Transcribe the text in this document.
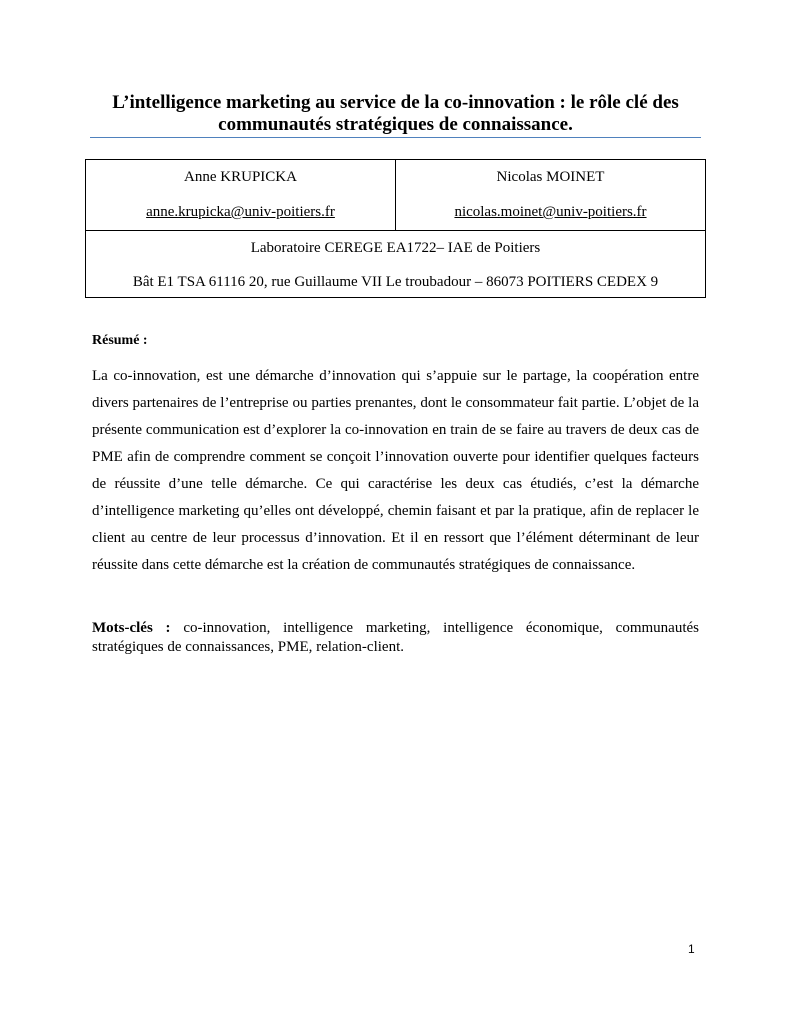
L’intelligence marketing au service de la co-innovation : le rôle clé des communautés stratégiques de connaissance.
Anne KRUPICKA
anne.krupicka@univ-poitiers.fr
Nicolas MOINET
nicolas.moinet@univ-poitiers.fr
Laboratoire CEREGE EA1722– IAE de Poitiers
Bât E1 TSA 61116 20, rue Guillaume VII Le troubadour – 86073 POITIERS CEDEX 9
Résumé :
La co-innovation, est une démarche d’innovation qui s’appuie sur le partage, la coopération entre divers partenaires de l’entreprise ou parties prenantes, dont le consommateur fait partie. L’objet de la présente communication est d’explorer la co-innovation en train de se faire au travers de deux cas de PME afin de comprendre comment se conçoit l’innovation ouverte pour identifier quelques facteurs de réussite d’une telle démarche. Ce qui caractérise les deux cas étudiés, c’est la démarche d’intelligence marketing qu’elles ont développé, chemin faisant et par la pratique, afin de replacer le client au centre de leur processus d’innovation. Et il en ressort que l’élément déterminant de leur réussite dans cette démarche est la création de communautés stratégiques de connaissance.
Mots-clés : co-innovation, intelligence marketing, intelligence économique, communautés stratégiques de connaissances, PME, relation-client.
1
